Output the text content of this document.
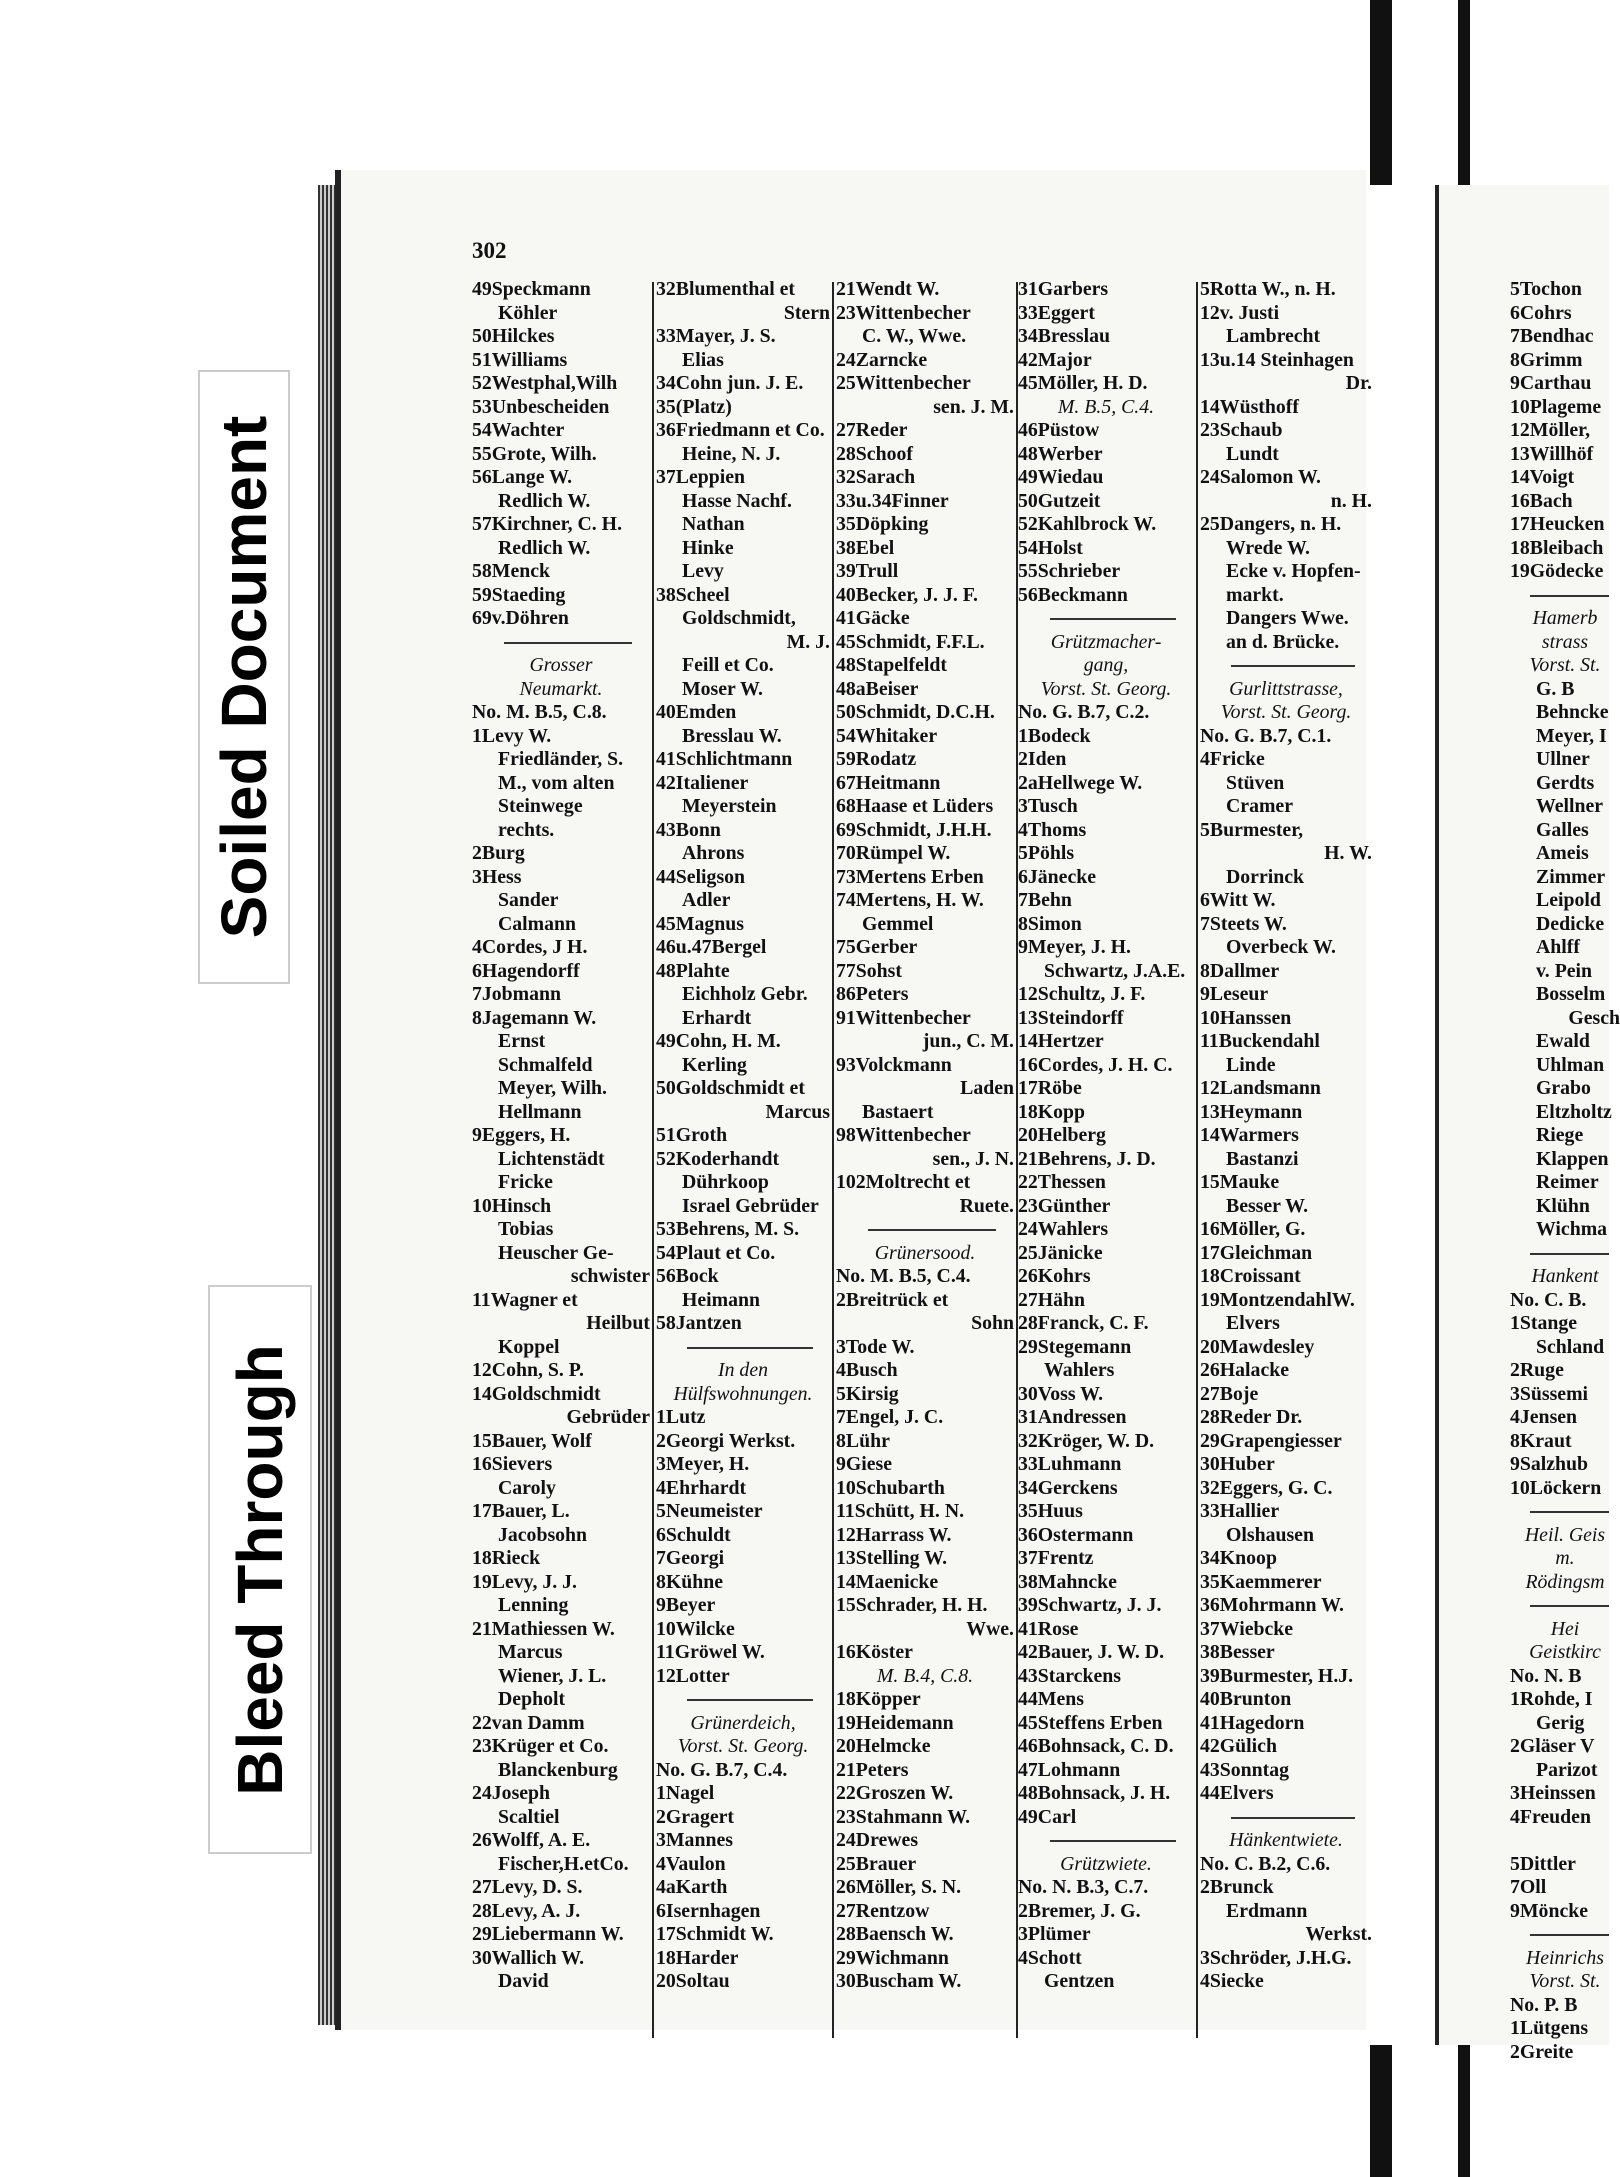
302
49Speckmann
Köhler
50Hilckes
51Williams
52Westphal,Wilh
53Unbescheiden
54Wachter
55Grote, Wilh.
56Lange W.
Redlich W.
57Kirchner, C. H.
Redlich W.
58Menck
59Staeding
69v.Döhren
Grosser
Neumarkt.
No. M. B.5, C.8.
1Levy W.
Friedländer, S.
M., vom alten
Steinwege
rechts.
2Burg
3Hess
Sander
Calmann
4Cordes, J H.
6Hagendorff
7Jobmann
8Jagemann W.
Ernst
Schmalfeld
Meyer, Wilh.
Hellmann
9Eggers, H.
Lichtenstädt
Fricke
10Hinsch
Tobias
Heuscher Ge-
schwister
11Wagner et
Heilbut
Koppel
12Cohn, S. P.
14Goldschmidt
Gebrüder
15Bauer, Wolf
16Sievers
Caroly
17Bauer, L.
Jacobsohn
18Rieck
19Levy, J. J.
Lenning
21Mathiessen W.
Marcus
Wiener, J. L.
Depholt
22van Damm
23Krüger et Co.
Blanckenburg
24Joseph
Scaltiel
26Wolff, A. E.
Fischer,H.etCo.
27Levy, D. S.
28Levy, A. J.
29Liebermann W.
30Wallich W.
David
32Blumenthal et
Stern
33Mayer, J. S.
Elias
34Cohn jun. J. E.
35(Platz)
36Friedmann et Co.
Heine, N. J.
37Leppien
Hasse Nachf.
Nathan
Hinke
Levy
38Scheel
Goldschmidt,
M. J.
Feill et Co.
Moser W.
40Emden
Bresslau W.
41Schlichtmann
42Italiener
Meyerstein
43Bonn
Ahrons
44Seligson
Adler
45Magnus
46u.47Bergel
48Plahte
Eichholz Gebr.
Erhardt
49Cohn, H. M.
Kerling
50Goldschmidt et
Marcus
51Groth
52Koderhandt
Dührkoop
Israel Gebrüder
53Behrens, M. S.
54Plaut et Co.
56Bock
Heimann
58Jantzen
In den
Hülfswohnungen.
1Lutz
2Georgi Werkst.
3Meyer, H.
4Ehrhardt
5Neumeister
6Schuldt
7Georgi
8Kühne
9Beyer
10Wilcke
11Gröwel W.
12Lotter
Grünerdeich,
Vorst. St. Georg.
No. G. B.7, C.4.
1Nagel
2Gragert
3Mannes
4Vaulon
4aKarth
6Isernhagen
17Schmidt W.
18Harder
20Soltau
21Wendt W.
23Wittenbecher
C. W., Wwe.
24Zarncke
25Wittenbecher
sen. J. M.
27Reder
28Schoof
32Sarach
33u.34Finner
35Döpking
38Ebel
39Trull
40Becker, J. J. F.
41Gäcke
45Schmidt, F.F.L.
48Stapelfeldt
48aBeiser
50Schmidt, D.C.H.
54Whitaker
59Rodatz
67Heitmann
68Haase et Lüders
69Schmidt, J.H.H.
70Rümpel W.
73Mertens Erben
74Mertens, H. W.
Gemmel
75Gerber
77Sohst
86Peters
91Wittenbecher
jun., C. M.
93Volckmann
Laden
Bastaert
98Wittenbecher
sen., J. N.
102Moltrecht et
Ruete.
Grünersood.
No. M. B.5, C.4.
2Breitrück et
Sohn
3Tode W.
4Busch
5Kirsig
7Engel, J. C.
8Lühr
9Giese
10Schubarth
11Schütt, H. N.
12Harrass W.
13Stelling W.
14Maenicke
15Schrader, H. H.
Wwe.
16Köster
M. B.4, C.8.
18Köpper
19Heidemann
20Helmcke
21Peters
22Groszen W.
23Stahmann W.
24Drewes
25Brauer
26Möller, S. N.
27Rentzow
28Baensch W.
29Wichmann
30Buscham W.
31Garbers
33Eggert
34Bresslau
42Major
45Möller, H. D.
M. B.5, C.4.
46Püstow
48Werber
49Wiedau
50Gutzeit
52Kahlbrock W.
54Holst
55Schrieber
56Beckmann
Grützmacher-
gang,
Vorst. St. Georg.
No. G. B.7, C.2.
1Bodeck
2Iden
2aHellwege W.
3Tusch
4Thoms
5Pöhls
6Jänecke
7Behn
8Simon
9Meyer, J. H.
Schwartz, J.A.E.
12Schultz, J. F.
13Steindorff
14Hertzer
16Cordes, J. H. C.
17Röbe
18Kopp
20Helberg
21Behrens, J. D.
22Thessen
23Günther
24Wahlers
25Jänicke
26Kohrs
27Hähn
28Franck, C. F.
29Stegemann
Wahlers
30Voss W.
31Andressen
32Kröger, W. D.
33Luhmann
34Gerckens
35Huus
36Ostermann
37Frentz
38Mahncke
39Schwartz, J. J.
41Rose
42Bauer, J. W. D.
43Starckens
44Mens
45Steffens Erben
46Bohnsack, C. D.
47Lohmann
48Bohnsack, J. H.
49Carl
Grützwiete.
No. N. B.3, C.7.
2Bremer, J. G.
3Plümer
4Schott
Gentzen
5Rotta W., n. H.
12v. Justi
Lambrecht
13u.14 Steinhagen
Dr.
14Wüsthoff
23Schaub
Lundt
24Salomon W.
n. H.
25Dangers, n. H.
Wrede W.
Ecke v. Hopfen-
markt.
Dangers Wwe.
an d. Brücke.
Gurlittstrasse,
Vorst. St. Georg.
No. G. B.7, C.1.
4Fricke
Stüven
Cramer
5Burmester,
H. W.
Dorrinck
6Witt W.
7Steets W.
Overbeck W.
8Dallmer
9Leseur
10Hanssen
11Buckendahl
Linde
12Landsmann
13Heymann
14Warmers
Bastanzi
15Mauke
Besser W.
16Möller, G.
17Gleichman
18Croissant
19MontzendahlW.
Elvers
20Mawdesley
26Halacke
27Boje
28Reder Dr.
29Grapengiesser
30Huber
32Eggers, G. C.
33Hallier
Olshausen
34Knoop
35Kaemmerer
36Mohrmann W.
37Wiebcke
38Besser
39Burmester, H.J.
40Brunton
41Hagedorn
42Gülich
43Sonntag
44Elvers
Hänkentwiete.
No. C. B.2, C.6.
2Brunck
Erdmann
Werkst.
3Schröder, J.H.G.
4Siecke
5Tochon
6Cohrs
7Bendhac
8Grimm
9Carthau
10Plageme
12Möller,
13Willhöf
14Voigt
16Bach
17Heucken
18Bleibach
19Gödecke
Hamerb
strass
Vorst. St.
G. B
Behncke
Meyer, I
Ullner
Gerdts
Wellner
Galles
Ameis
Zimmer
Leipold
Dedicke
Ahlff
v. Pein
Bosselm
Gesch
Ewald
Uhlman
Grabo
Eltzholtz
Riege
Klappen
Reimer
Klühn
Wichma
Hankent
No. C. B.
1Stange
Schland
2Ruge
3Süssemi
4Jensen
8Kraut
9Salzhub
10Löckern
Heil. Geis
m.
Rödingsm
Hei
Geistkirc
No. N. B
1Rohde, I
Gerig
2Gläser V
Parizot
3Heinssen
4Freuden
5Dittler
7Oll
9Möncke
Heinrichs
Vorst. St.
No. P. B
1Lütgens
2Greite
Soiled Document
Bleed Through
